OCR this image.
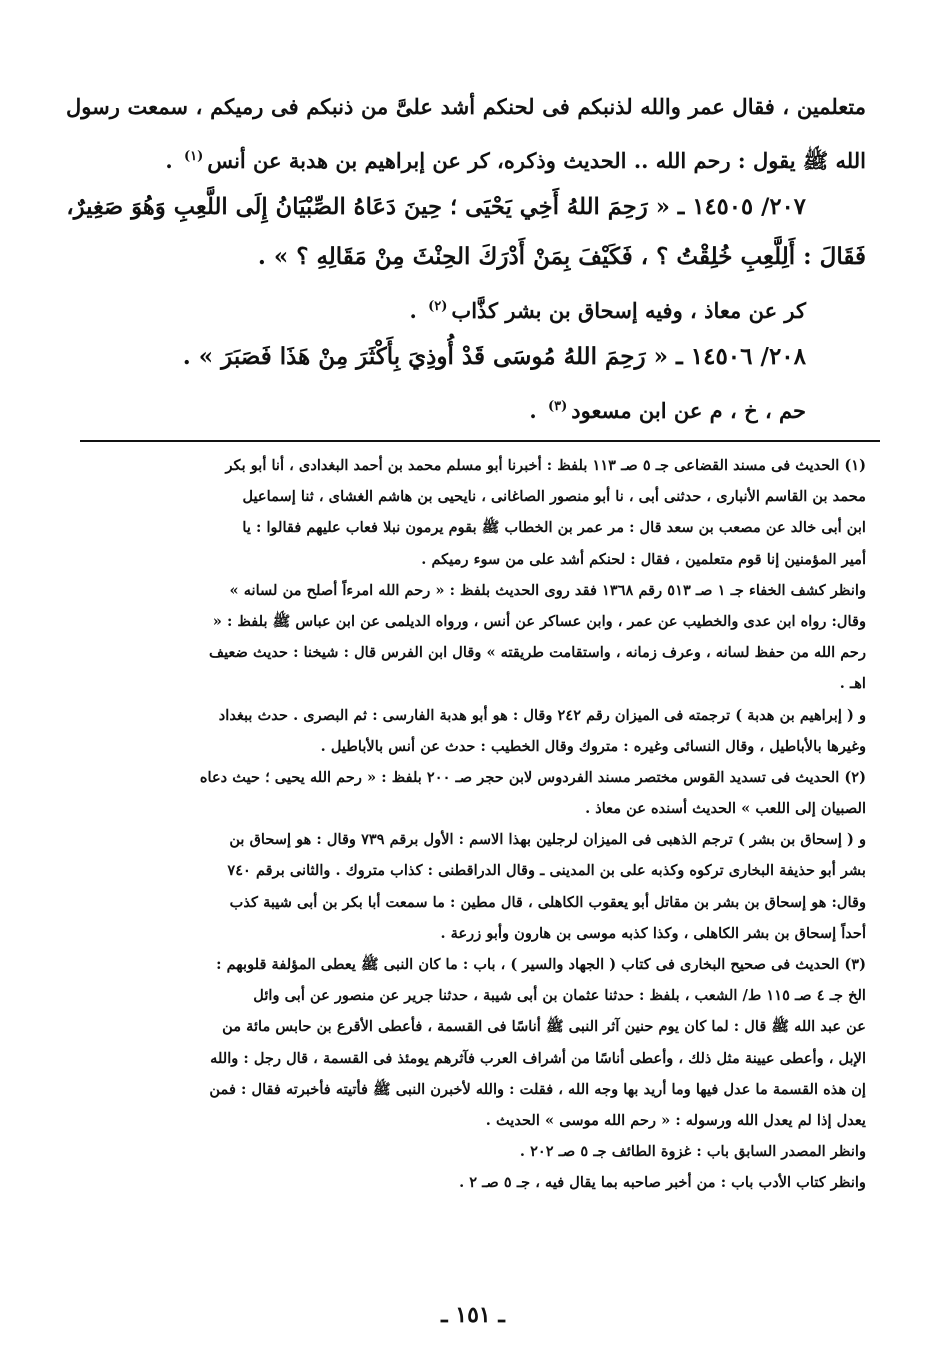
متعلمين ، فقال عمر والله لذنبكم فى لحنكم أشد علىَّ من ذنبكم فى رميكم ، سمعت رسول
الله ﷺ يقول : رحم الله .. الحديث وذكره، كر عن إبراهيم بن هدبة عن أنس$^{(١)}$ .
٢٠٧/ ١٤٥٠٥ ـ « رَحِمَ اللهُ أَخِي يَحْيَى ؛ حِينَ دَعَاهُ الصِّبْيَانُ إِلَى اللَّعِبِ وَهُوَ صَغِيرٌ،
فَقَالَ : أَلِلَّعِبِ خُلِقْتُ ؟ ، فَكَيْفَ بِمَنْ أَدْرَكَ الحِنْثَ مِنْ مَقَالِهِ ؟ » .
كر عن معاذ ، وفيه إسحاق بن بشر كذَّاب$^{(٢)}$ .
٢٠٨/ ١٤٥٠٦ ـ « رَحِمَ اللهُ مُوسَى قَدْ أُوذِيَ بِأَكْثَرَ مِنْ هَذَا فَصَبَرَ » .
حم ، خ ، م عن ابن مسعود$^{(٣)}$ .
(١) الحديث فى مسند القضاعى جـ ٥ صـ ١١٣ بلفظ : أخبرنا أبو مسلم محمد بن أحمد البغدادى ، أنا أبو بكر
محمد بن القاسم الأنبارى ، حدثنى أبى ، نا أبو منصور الصاغانى ، نايحيى بن هاشم الغشاى ، ثنا إسماعيل
ابن أبى خالد عن مصعب بن سعد قال : مر عمر بن الخطاب ﷺ بقوم يرمون نبلا فعاب عليهم فقالوا : يا
أمير المؤمنين إنا قوم متعلمين ، فقال : لحنكم أشد على من سوء رميكم .
وانظر كشف الخفاء جـ ١ صـ ٥١٣ رقم ١٣٦٨ فقد روى الحديث بلفظ : « رحم الله امرءاً أصلح من لسانه »
وقال: رواه ابن عدى والخطيب عن عمر ، وابن عساكر عن أنس ، ورواه الديلمى عن ابن عباس ﷺ بلفظ : «
رحم الله من حفظ لسانه ، وعرف زمانه ، واستقامت طريقته » وقال ابن الفرس قال : شيخنا : حديث ضعيف
اهـ .
و ( إبراهيم بن هدبة ) ترجمته فى الميزان رقم ٢٤٢ وقال : هو أبو هدبة الفارسى : ثم البصرى . حدث ببغداد
وغيرها بالأباطيل ، وقال النسائى وغيره : متروك وقال الخطيب : حدث عن أنس بالأباطيل .
(٢) الحديث فى تسديد القوس مختصر مسند الفردوس لابن حجر صـ ٢٠٠ بلفظ : « رحم الله يحيى ؛ حيث دعاه
الصبيان إلى اللعب » الحديث أسنده عن معاذ .
و ( إسحاق بن بشر ) ترجم الذهبى فى الميزان لرجلين بهذا الاسم : الأول برقم ٧٣٩ وقال : هو إسحاق بن
بشر أبو حذيفة البخارى تركوه وكذبه على بن المدينى ـ وقال الدراقطنى : كذاب متروك . والثانى برقم ٧٤٠
وقال: هو إسحاق بن بشر بن مقاتل أبو يعقوب الكاهلى ، قال مطين : ما سمعت أبا بكر بن أبى شيبة كذب
أحداً إسحاق بن بشر الكاهلى ، وكذا كذبه موسى بن هارون وأبو زرعة .
(٣) الحديث فى صحيح البخارى فى كتاب ( الجهاد والسير ) ، باب : ما كان النبى ﷺ يعطى المؤلفة قلوبهم :
الخ جـ ٤ صـ ١١٥ ط/ الشعب ، بلفظ : حدثنا عثمان بن أبى شيبة ، حدثنا جرير عن منصور عن أبى وائل
عن عبد الله ﷺ قال : لما كان يوم حنين آثر النبى ﷺ أناسًا فى القسمة ، فأعطى الأقرع بن حابس مائة من
الإبل ، وأعطى عيينة مثل ذلك ، وأعطى أناسًا من أشراف العرب فآثرهم يومئذ فى القسمة ، قال رجل : والله
إن هذه القسمة ما عدل فيها وما أريد بها وجه الله ، فقلت : والله لأخبرن النبى ﷺ فأتيته فأخبرته فقال : فمن
يعدل إذا لم يعدل الله ورسوله : « رحم الله موسى » الحديث .
وانظر المصدر السابق باب : غزوة الطائف جـ ٥ صـ ٢٠٢ .
وانظر كتاب الأدب باب : من أخبر صاحبه بما يقال فيه ، جـ ٥ صـ ٢ .
ـ ١٥١ ـ
